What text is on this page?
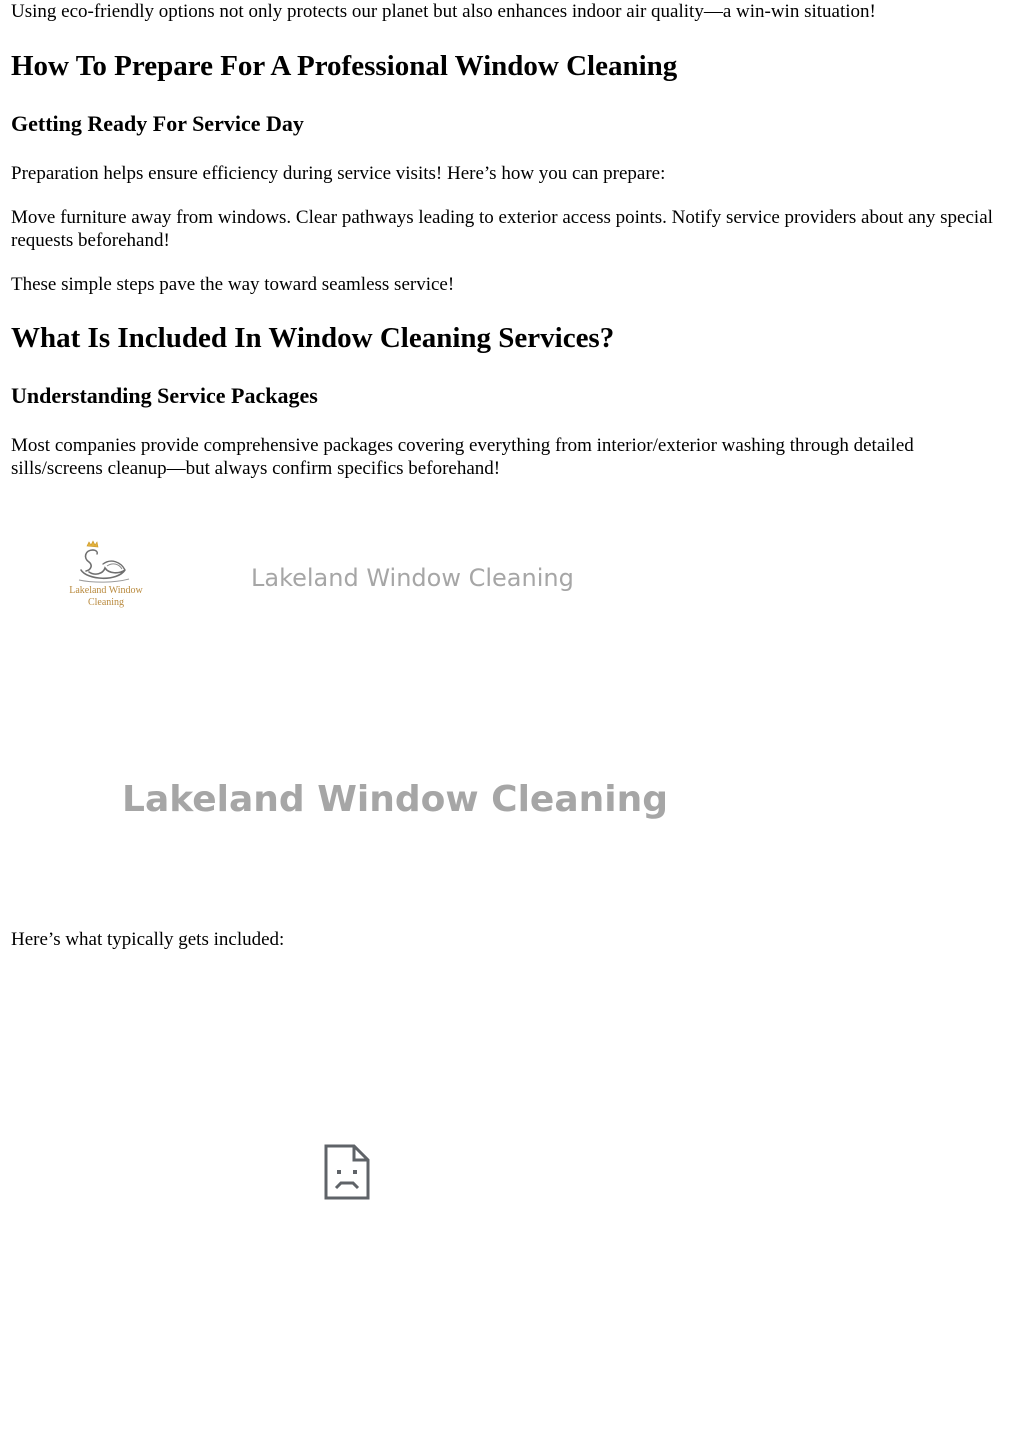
Using eco-friendly options not only protects our planet but also enhances indoor air quality—a win-win situation!

How To Prepare For A Professional Window Cleaning
Getting Ready For Service Day

Preparation helps ensure efficiency during service visits! Here’s how you can prepare:

Move furniture away from windows. Clear pathways leading to exterior access points. Notify service providers about any special requests beforehand!

These simple steps pave the way toward seamless service!

What Is Included In Window Cleaning Services?
Understanding Service Packages

Most companies provide comprehensive packages covering everything from interior/exterior washing through detailed sills/screens cleanup—but always confirm specifics beforehand!

Here’s what typically gets included:

Lakeland Window Cleaning
Lakeland Window Cleaning
Lakeland Window Cleaning
